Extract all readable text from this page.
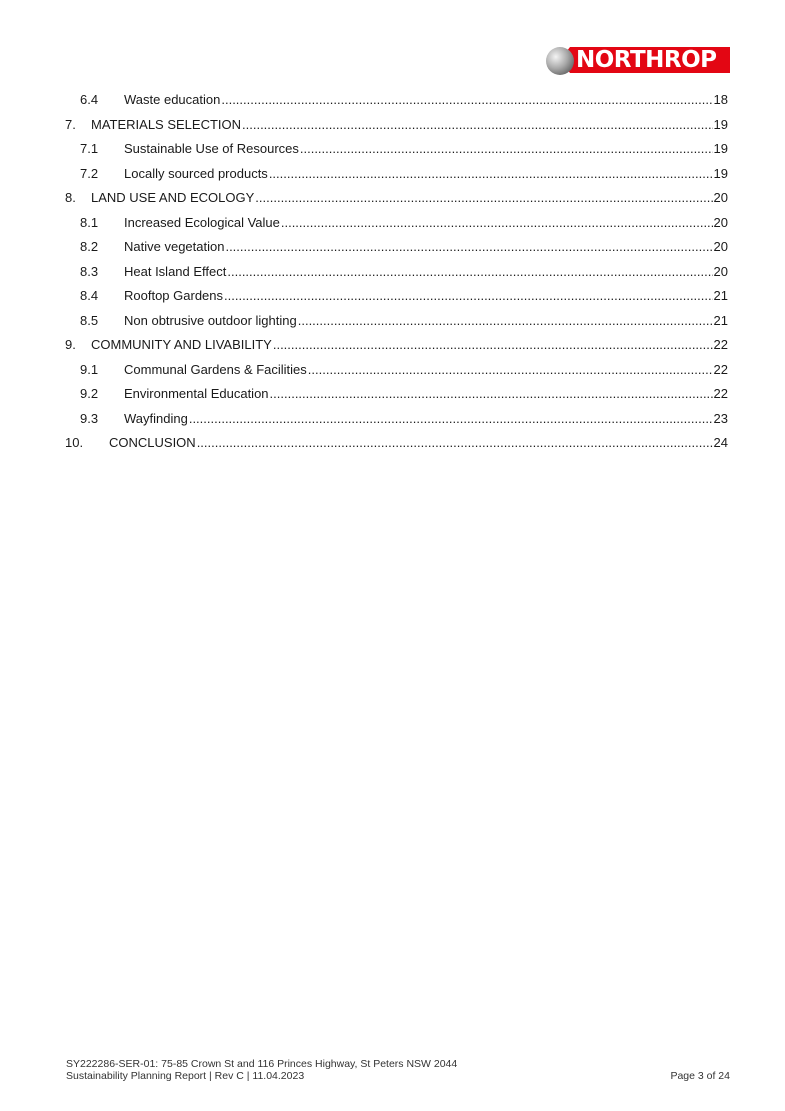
NORTHROP
6.4	Waste education .....	18
7.	MATERIALS SELECTION .....	19
7.1	Sustainable Use of Resources .....	19
7.2	Locally sourced products .....	19
8.	LAND USE AND ECOLOGY .....	20
8.1	Increased Ecological Value .....	20
8.2	Native vegetation .....	20
8.3	Heat Island Effect .....	20
8.4	Rooftop Gardens .....	21
8.5	Non obtrusive outdoor lighting .....	21
9.	COMMUNITY AND LIVABILITY .....	22
9.1	Communal Gardens & Facilities .....	22
9.2	Environmental Education .....	22
9.3	Wayfinding .....	23
10.	CONCLUSION .....	24
SY222286-SER-01: 75-85 Crown St and 116 Princes Highway, St Peters NSW 2044
Sustainability Planning Report | Rev C | 11.04.2023	Page 3 of 24
